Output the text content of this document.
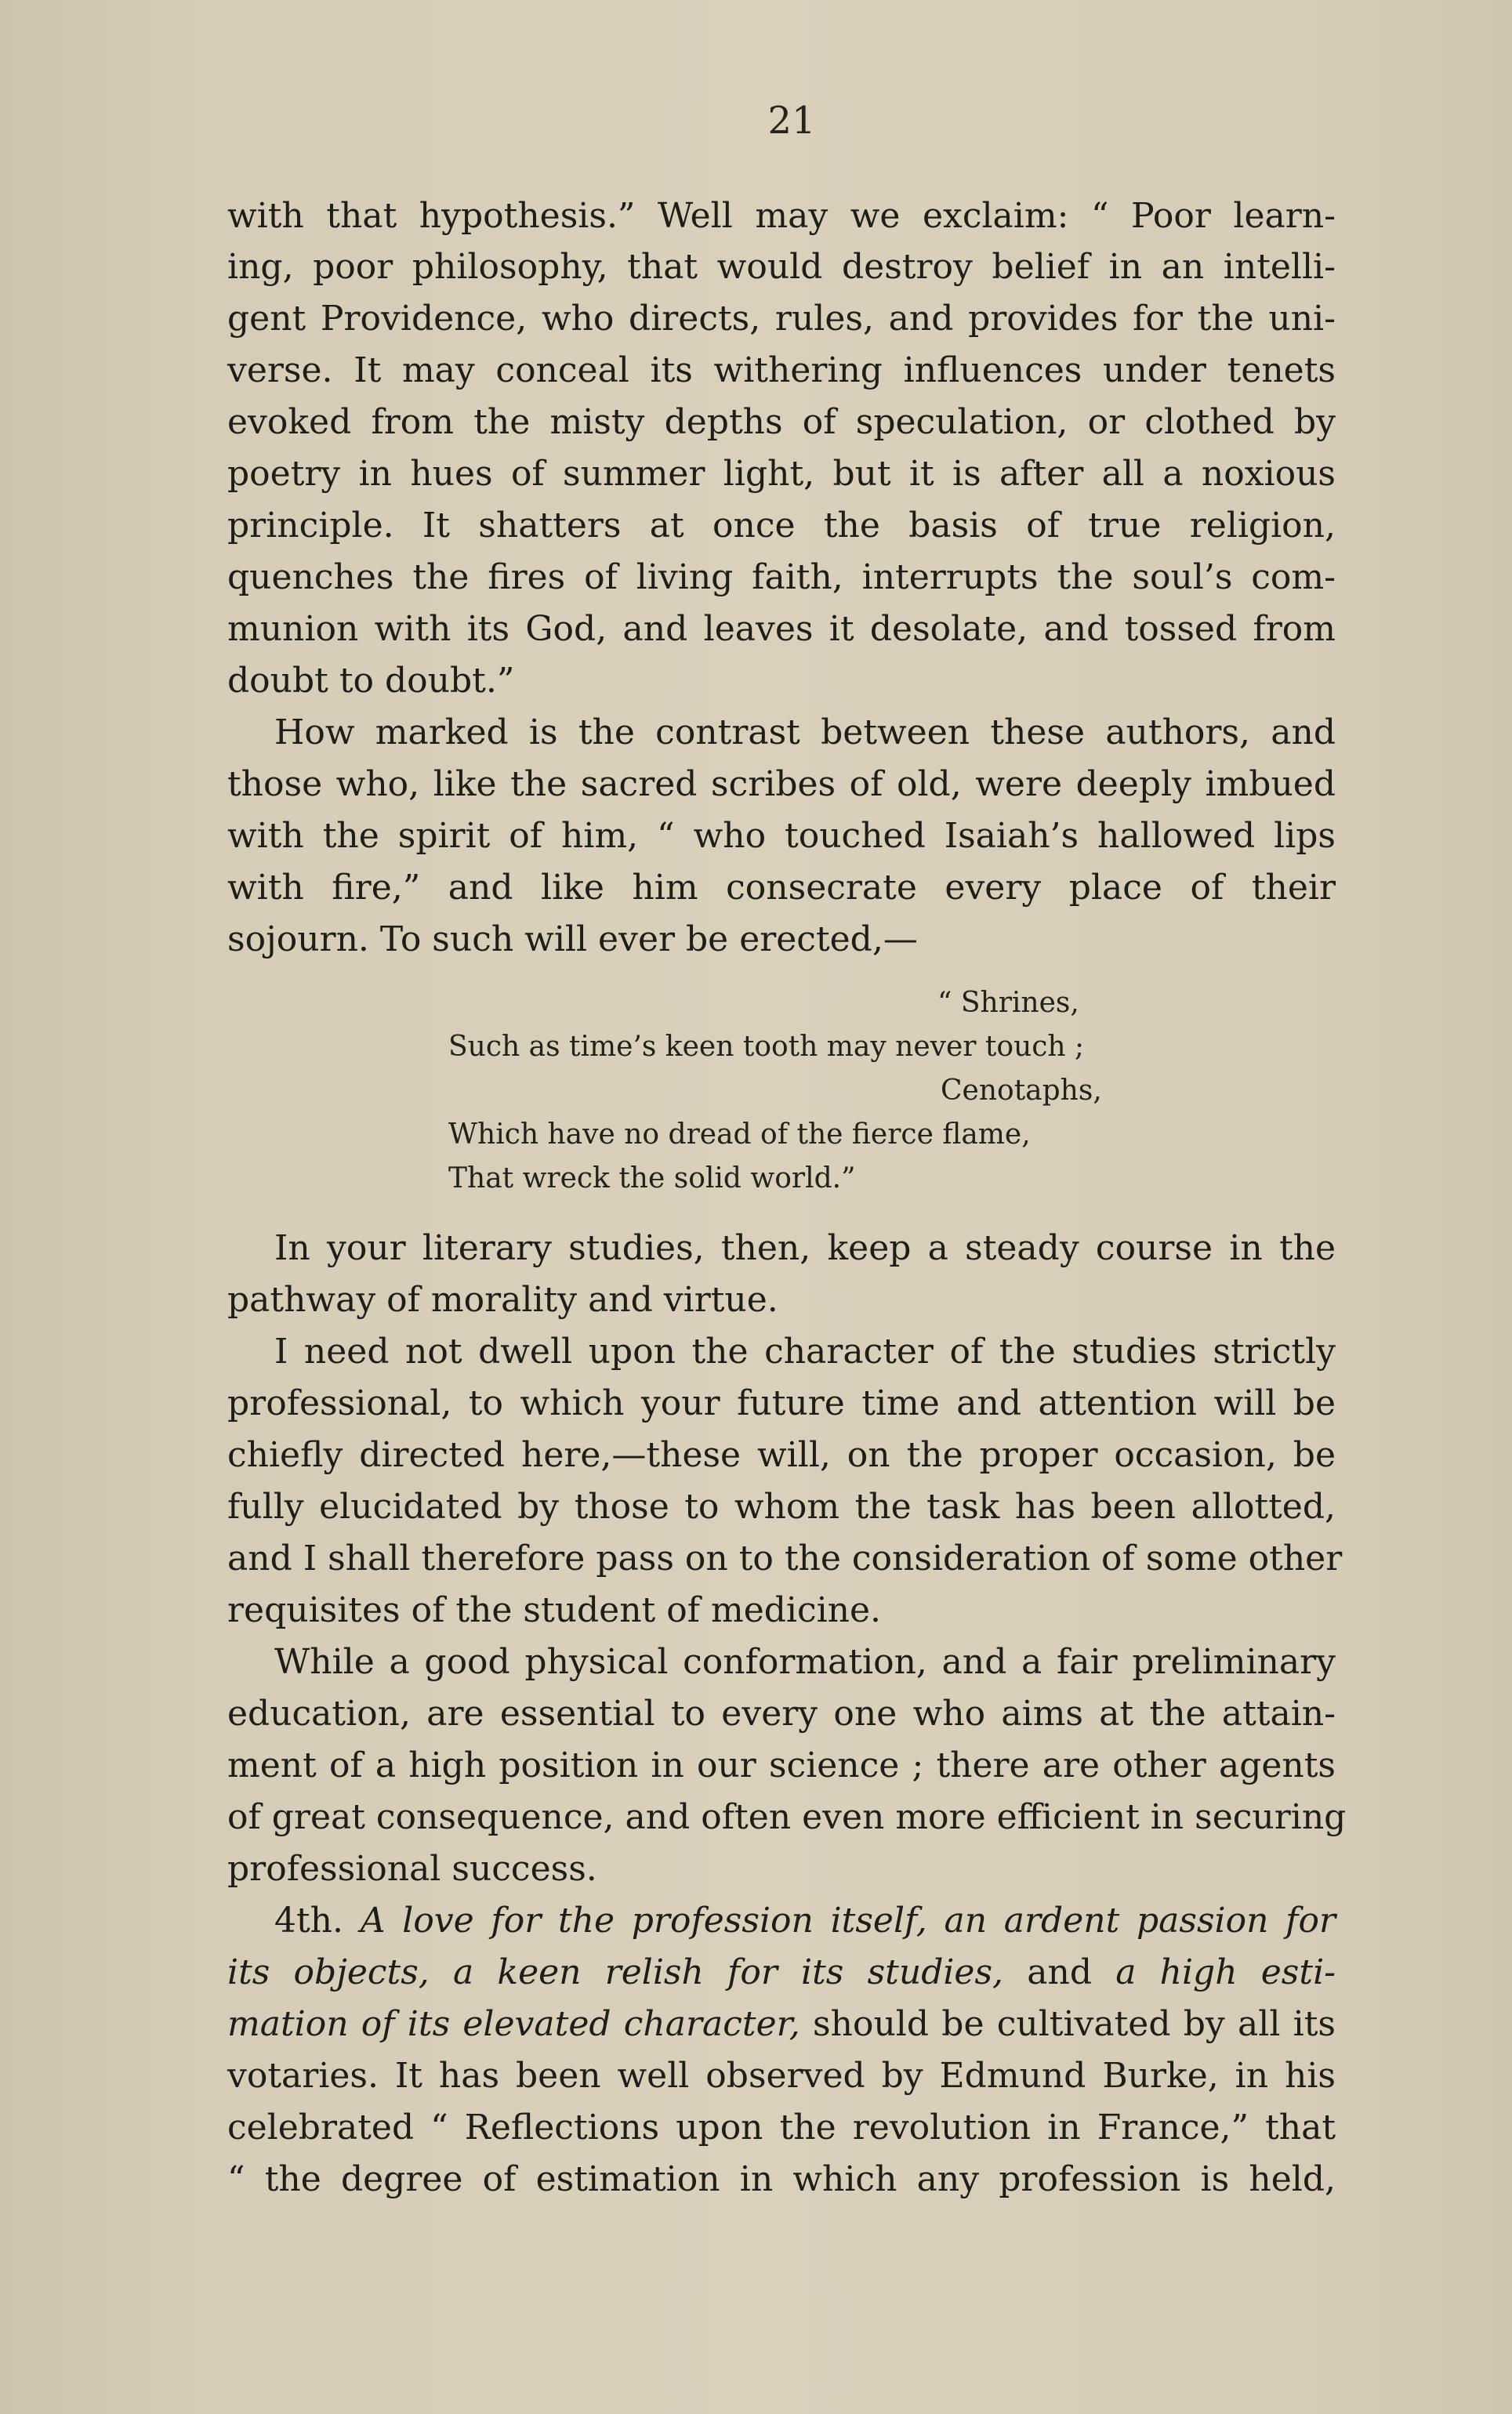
21
with that hypothesis.” Well may we exclaim: “ Poor learn-
ing, poor philosophy, that would destroy belief in an intelli-
gent Providence, who directs, rules, and provides for the uni-
verse. It may conceal its withering influences under tenets
evoked from the misty depths of speculation, or clothed by
poetry in hues of summer light, but it is after all a noxious
principle. It shatters at once the basis of true religion,
quenches the fires of living faith, interrupts the soul’s com-
munion with its God, and leaves it desolate, and tossed from
doubt to doubt.”
How marked is the contrast between these authors, and
those who, like the sacred scribes of old, were deeply imbued
with the spirit of him, “ who touched Isaiah’s hallowed lips
with fire,” and like him consecrate every place of their
sojourn. To such will ever be erected,—
“ Shrines,
Such as time’s keen tooth may never touch ;
Cenotaphs,
Which have no dread of the fierce flame,
That wreck the solid world.”
In your literary studies, then, keep a steady course in the
pathway of morality and virtue.
I need not dwell upon the character of the studies strictly
professional, to which your future time and attention will be
chiefly directed here,—these will, on the proper occasion, be
fully elucidated by those to whom the task has been allotted,
and I shall therefore pass on to the consideration of some other
requisites of the student of medicine.
While a good physical conformation, and a fair preliminary
education, are essential to every one who aims at the attain-
ment of a high position in our science ; there are other agents
of great consequence, and often even more efficient in securing
professional success.
4th. A love for the profession itself, an ardent passion for
its objects, a keen relish for its studies, and a high esti-
mation of its elevated character, should be cultivated by all its
votaries. It has been well observed by Edmund Burke, in his
celebrated “ Reflections upon the revolution in France,” that
“ the degree of estimation in which any profession is held,
